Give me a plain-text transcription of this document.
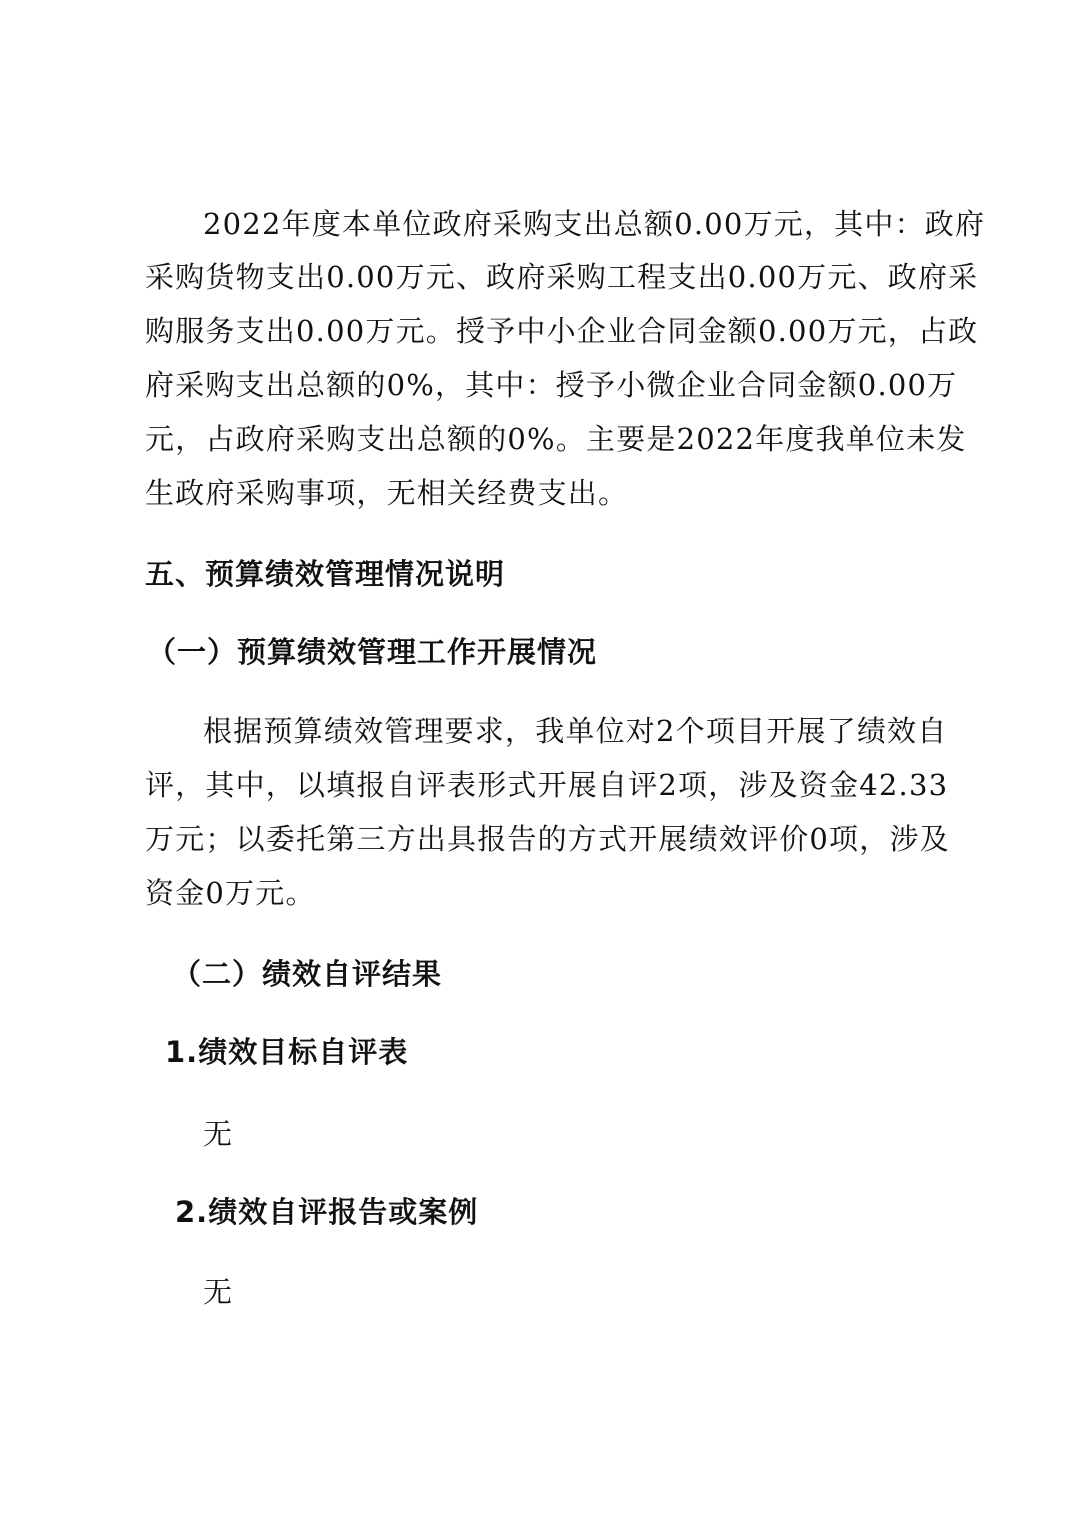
2022年度本单位政府采购支出总额0.00万元，其中：政府
采购货物支出0.00万元、政府采购工程支出0.00万元、政府采
购服务支出0.00万元。授予中小企业合同金额0.00万元，占政
府采购支出总额的0%，其中：授予小微企业合同金额0.00万
元，占政府采购支出总额的0%。主要是2022年度我单位未发
生政府采购事项，无相关经费支出。
五、预算绩效管理情况说明
（一）预算绩效管理工作开展情况
根据预算绩效管理要求，我单位对2个项目开展了绩效自
评，其中，以填报自评表形式开展自评2项，涉及资金42.33
万元；以委托第三方出具报告的方式开展绩效评价0项，涉及
资金0万元。
（二）绩效自评结果
1.绩效目标自评表
无
2.绩效自评报告或案例
无
